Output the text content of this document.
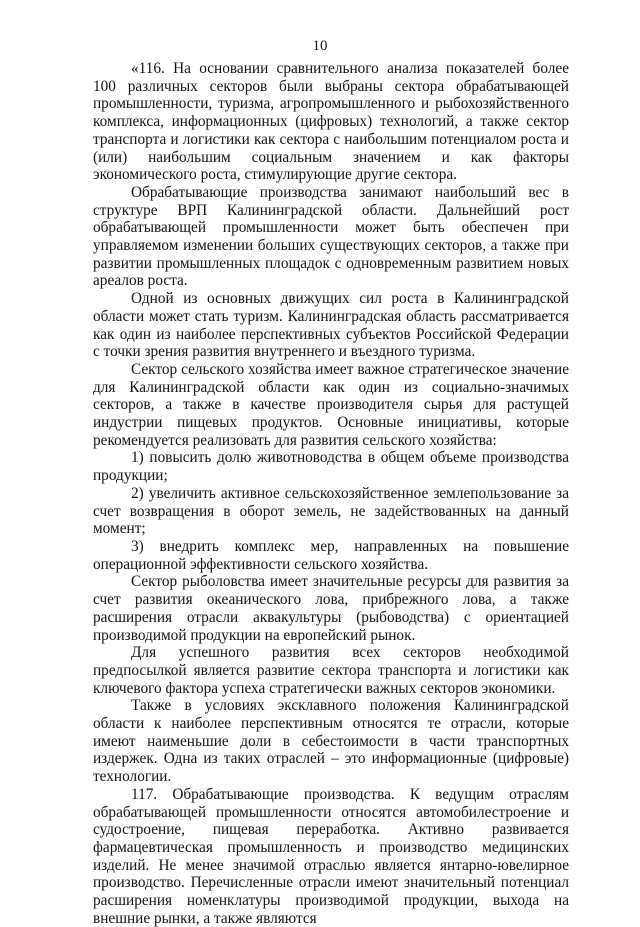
10

«116. На основании сравнительного анализа показателей более 100 различных секторов были выбраны сектора обрабатывающей промышленности, туризма, агропромышленного и рыбохозяйственного комплекса, информационных (цифровых) технологий, а также сектор транспорта и логистики как сектора с наибольшим потенциалом роста и (или) наибольшим социальным значением и как факторы экономического роста, стимулирующие другие сектора.

Обрабатывающие производства занимают наибольший вес в структуре ВРП Калининградской области. Дальнейший рост обрабатывающей промышленности может быть обеспечен при управляемом изменении больших существующих секторов, а также при развитии промышленных площадок с одновременным развитием новых ареалов роста.

Одной из основных движущих сил роста в Калининградской области может стать туризм. Калининградская область рассматривается как один из наиболее перспективных субъектов Российской Федерации с точки зрения развития внутреннего и въездного туризма.

Сектор сельского хозяйства имеет важное стратегическое значение для Калининградской области как один из социально-значимых секторов, а также в качестве производителя сырья для растущей индустрии пищевых продуктов. Основные инициативы, которые рекомендуется реализовать для развития сельского хозяйства:

1) повысить долю животноводства в общем объеме производства продукции;

2) увеличить активное сельскохозяйственное землепользование за счет возвращения в оборот земель, не задействованных на данный момент;

3) внедрить комплекс мер, направленных на повышение операционной эффективности сельского хозяйства.

Сектор рыболовства имеет значительные ресурсы для развития за счет развития океанического лова, прибрежного лова, а также расширения отрасли аквакультуры (рыбоводства) с ориентацией производимой продукции на европейский рынок.

Для успешного развития всех секторов необходимой предпосылкой является развитие сектора транспорта и логистики как ключевого фактора успеха стратегически важных секторов экономики.

Также в условиях эксклавного положения Калининградской области к наиболее перспективным относятся те отрасли, которые имеют наименьшие доли в себестоимости в части транспортных издержек. Одна из таких отраслей – это информационные (цифровые) технологии.

117. Обрабатывающие производства. К ведущим отраслям обрабатывающей промышленности относятся автомобилестроение и судостроение, пищевая переработка. Активно развивается фармацевтическая промышленность и производство медицинских изделий. Не менее значимой отраслью является янтарно-ювелирное производство. Перечисленные отрасли имеют значительный потенциал расширения номенклатуры производимой продукции, выхода на внешние рынки, а также являются
